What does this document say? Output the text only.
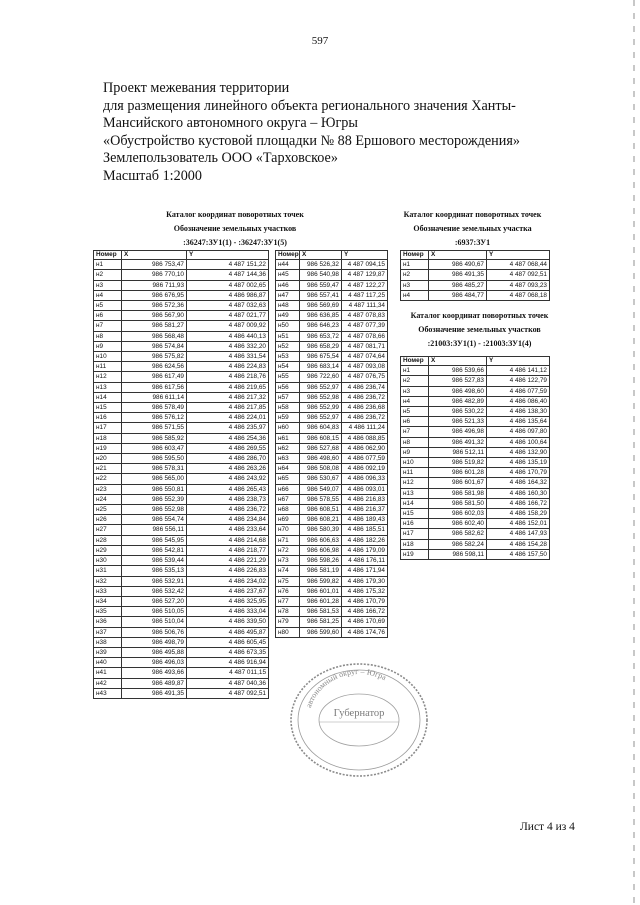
597
Проект межевания территории
для размещения линейного объекта регионального значения Ханты-
Мансийского автономного округа – Югры
«Обустройство кустовой площадки № 88 Ершового месторождения»
Землепользователь ООО «Тарховское»
Масштаб 1:2000
Каталог координат поворотных точек
Обозначение земельных участков
:36247:ЗУ1(1) - :36247:ЗУ1(5)
Каталог координат поворотных точек
Обозначение земельных участка
:6937:ЗУ1
Каталог координат поворотных точек
Обозначение земельных участков
:21003:ЗУ1(1) - :21003:ЗУ1(4)
Номер	X	Y
н1	986 753,47	4 487 151,22
н2	986 770,10	4 487 144,36
н3	986 711,93	4 487 002,65
н4	986 676,95	4 486 986,87
н5	986 572,36	4 487 032,63
н6	986 567,90	4 487 021,77
н7	986 581,27	4 487 009,92
н8	986 568,48	4 486 440,13
н9	986 574,84	4 486 332,20
н10	986 575,82	4 486 331,54
н11	986 624,56	4 486 224,83
н12	986 617,49	4 486 218,76
н13	986 617,56	4 486 219,65
н14	986 611,14	4 486 217,32
н15	986 578,49	4 486 217,85
н16	986 576,12	4 486 224,01
н17	986 571,55	4 486 235,97
н18	986 585,92	4 486 254,36
н19	986 603,47	4 486 269,55
н20	986 595,50	4 486 286,70
н21	986 578,31	4 486 263,26
н22	986 565,00	4 486 243,92
н23	986 550,81	4 486 265,43
н24	986 552,39	4 486 238,73
н25	986 552,98	4 486 236,72
н26	986 554,74	4 486 234,84
н27	986 556,11	4 486 233,64
н28	986 545,95	4 486 214,68
н29	986 542,81	4 486 218,77
н30	986 539,44	4 486 221,29
н31	986 535,13	4 486 226,83
н32	986 532,91	4 486 234,02
н33	986 532,42	4 486 237,67
н34	986 527,20	4 486 325,95
н35	986 510,05	4 486 333,04
н36	986 510,04	4 486 339,50
н37	986 506,76	4 486 495,87
н38	986 498,79	4 486 605,45
н39	986 495,88	4 486 673,35
н40	986 496,03	4 486 916,94
н41	986 493,66	4 487 011,15
н42	986 489,87	4 487 040,36
н43	986 491,35	4 487 092,51
Номер	X	Y
н44	986 526,32	4 487 094,15
н45	986 540,98	4 487 129,87
н46	986 559,47	4 487 122,27
н47	986 557,41	4 487 117,25
н48	986 569,69	4 487 111,34
н49	986 636,85	4 487 078,83
н50	986 646,23	4 487 077,39
н51	986 653,72	4 487 078,66
н52	986 658,29	4 487 081,71
н53	986 675,54	4 487 074,64
н54	986 683,14	4 487 093,08
н55	986 722,60	4 487 076,75
н56	986 552,97	4 486 236,74
н57	986 552,98	4 486 236,72
н58	986 552,99	4 486 236,68
н59	986 552,97	4 486 236,72
н60	986 604,83	4 486 111,24
н61	986 608,15	4 486 088,85
н62	986 527,68	4 486 062,90
н63	986 498,60	4 486 077,59
н64	986 508,08	4 486 092,19
н65	986 530,67	4 486 096,33
н66	986 549,07	4 486 093,01
н67	986 578,55	4 486 216,83
н68	986 608,51	4 486 216,37
н69	986 608,21	4 486 189,43
н70	986 580,39	4 486 185,51
н71	986 606,63	4 486 182,26
н72	986 606,98	4 486 179,09
н73	986 598,26	4 486 176,11
н74	986 581,19	4 486 171,94
н75	986 599,82	4 486 179,30
н76	986 601,01	4 486 175,32
н77	986 601,28	4 486 170,79
н78	986 581,53	4 486 166,72
н79	986 581,25	4 486 170,69
н80	986 599,60	4 486 174,76
Номер	X	Y
н1	986 490,67	4 487 068,44
н2	986 491,35	4 487 092,51
н3	986 485,27	4 487 093,23
н4	986 484,77	4 487 068,18
Номер	X	Y
н1	986 539,66	4 486 141,12
н2	986 527,83	4 486 122,79
н3	986 498,60	4 486 077,59
н4	986 482,89	4 486 086,40
н5	986 530,22	4 486 138,30
н6	986 521,33	4 486 135,64
н7	986 496,98	4 486 097,80
н8	986 491,32	4 486 100,64
н9	986 512,11	4 486 132,90
н10	986 519,82	4 486 135,19
н11	986 601,28	4 486 170,79
н12	986 601,67	4 486 164,32
н13	986 581,98	4 486 160,30
н14	986 581,50	4 486 166,72
н15	986 602,03	4 486 158,29
н16	986 602,40	4 486 152,01
н17	986 582,62	4 486 147,93
н18	986 582,24	4 486 154,28
н19	986 598,11	4 486 157,50
автономный округ – Югра
Губернатор
Лист 4 из 4
